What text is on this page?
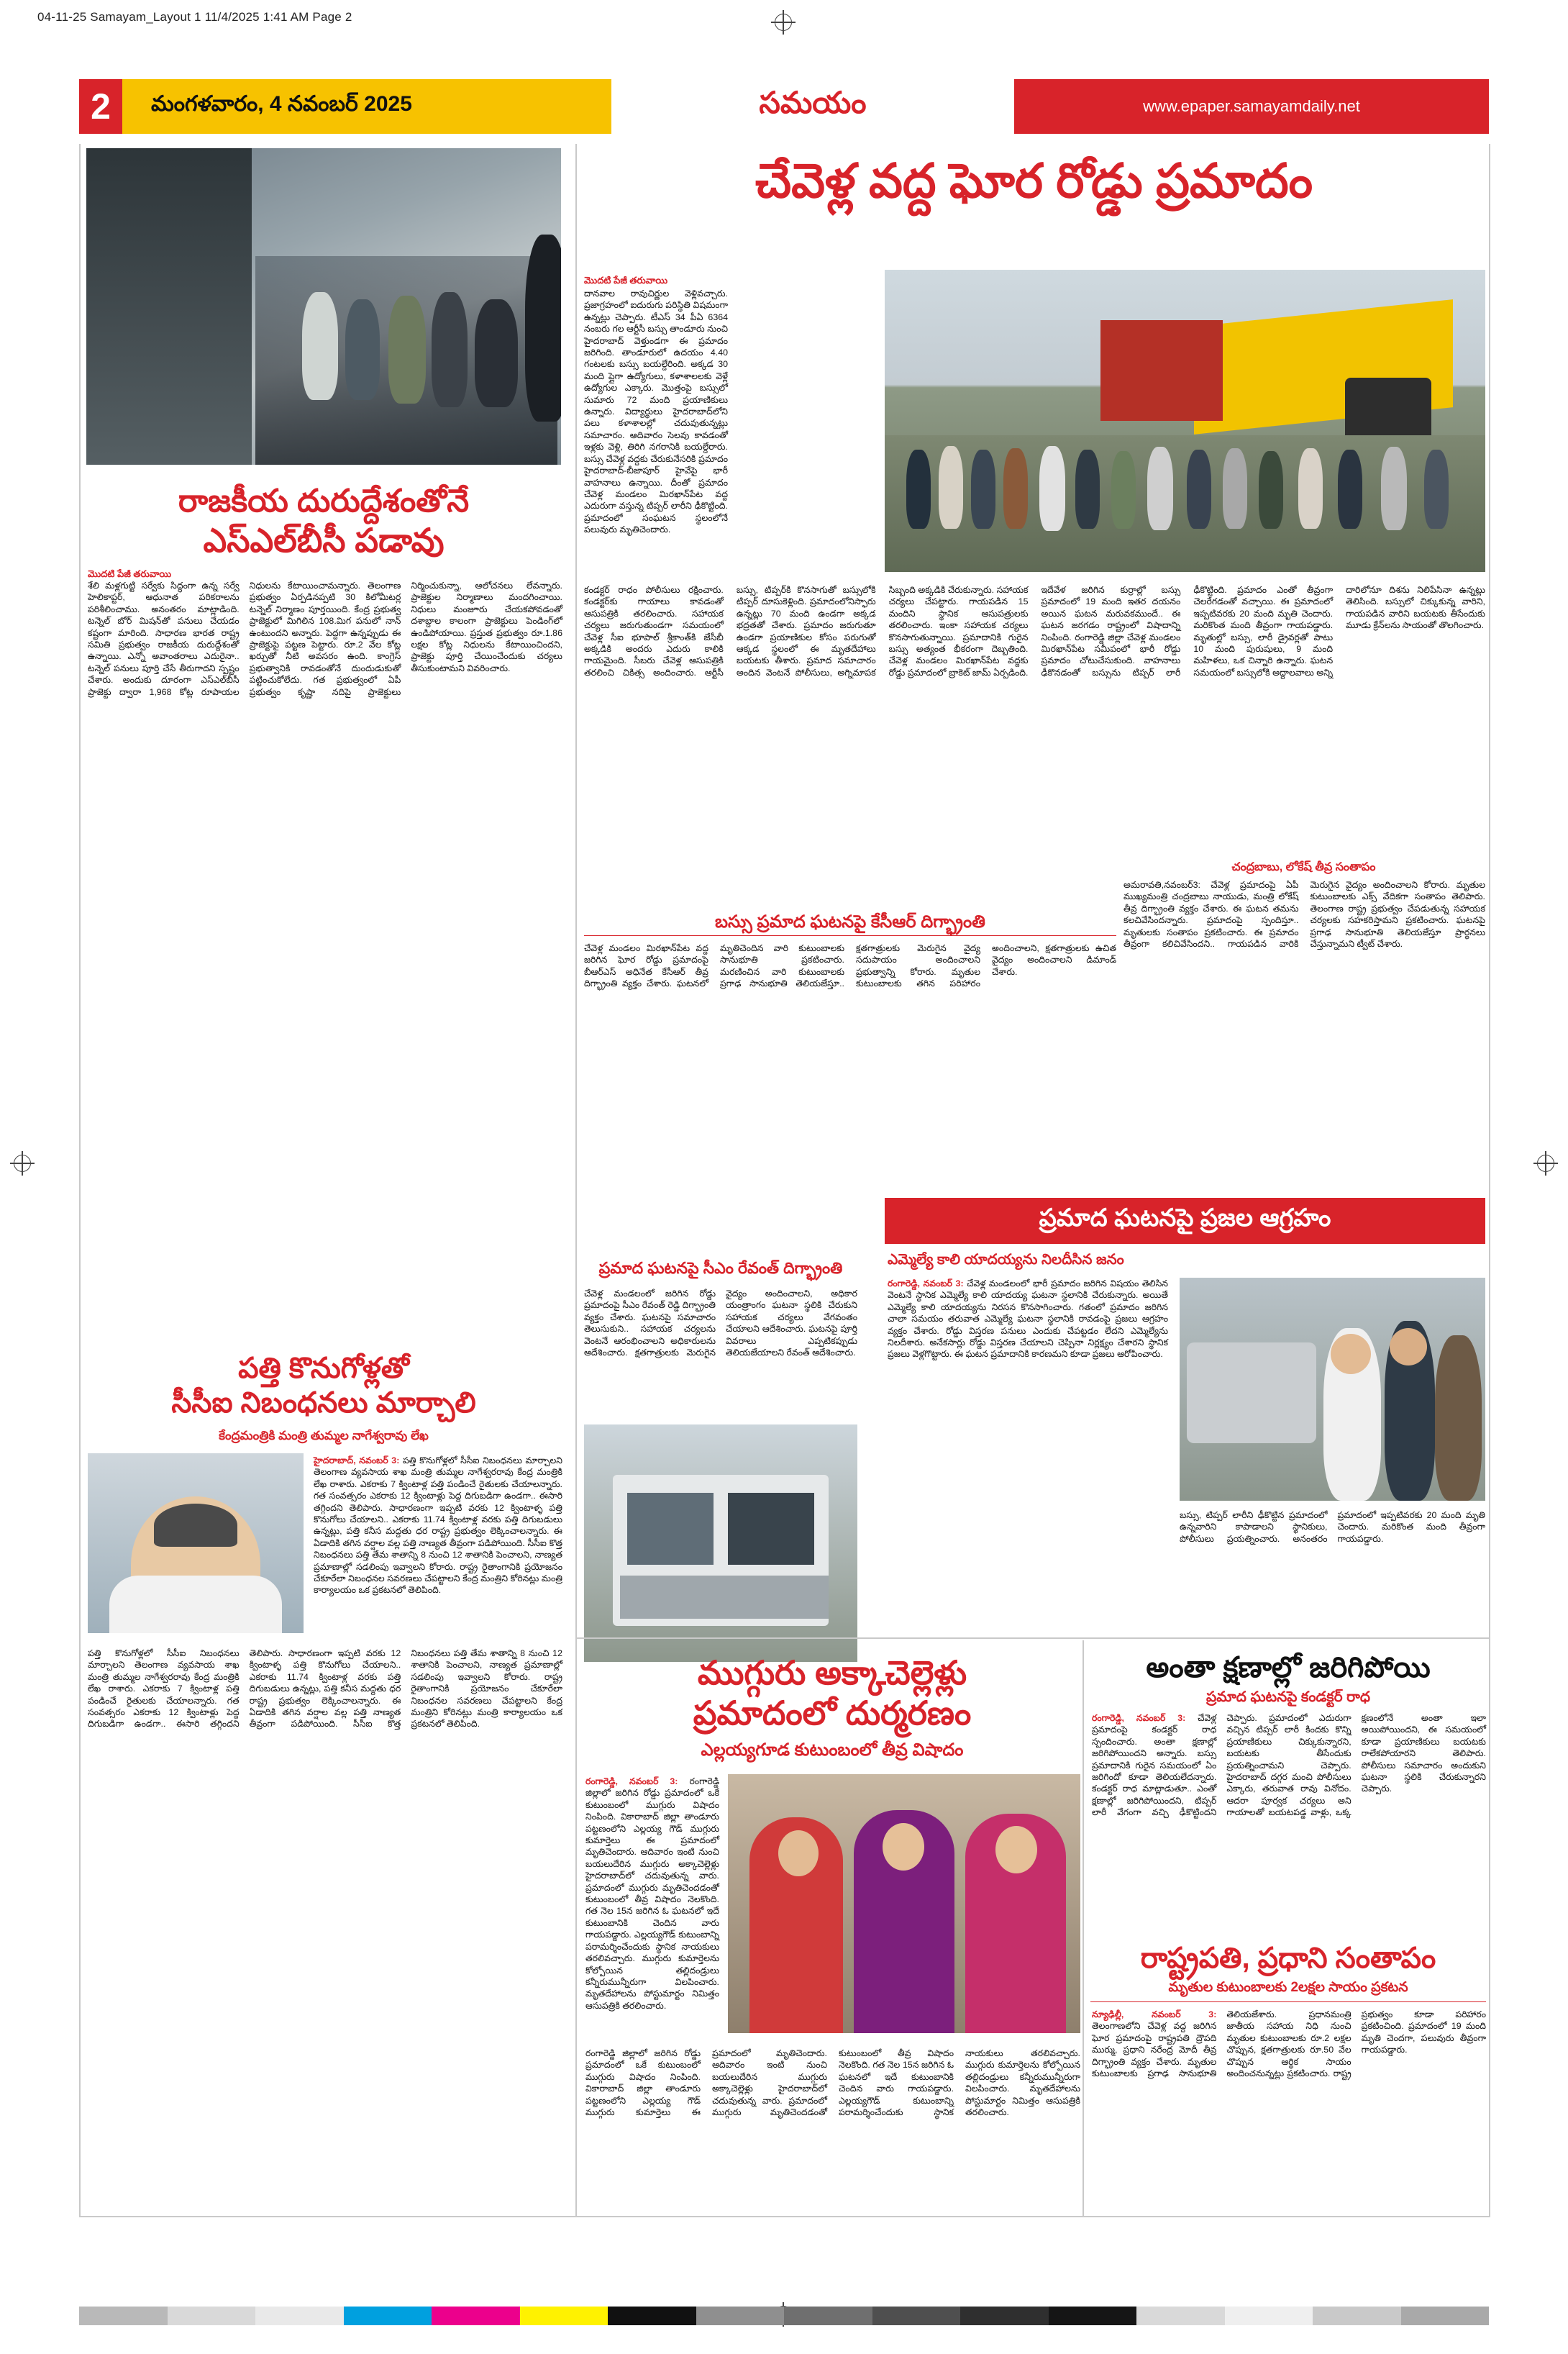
04-11-25 Samayam_Layout 1 11/4/2025 1:41 AM Page 2
2	మంగళవారం, 4 నవంబర్ 2025	సమయం	www.epaper.samayamdaily.net
రాజకీయ దురుద్దేశంతోనే
ఎస్‌ఎల్‌బీసీ పడావు
మొదటి పేజీ తరువాయి
శేలి మళ్లగుట్టి సర్వేకు సిద్ధంగా ఉన్న సర్వే హెలికాప్టర్, ఆధునాత పరికరాలను పరిశీలించాము. అనంతరం మాట్లాడింది. టన్నెల్ బోర్ మిషన్‌తో పనులు చేయడం కష్టంగా మారింది. సాధారణ భారత రాష్ట్ర సమితి ప్రభుత్వం రాజకీయ దురుద్దేశంతో ఉన్నాయి. ఎన్నో అవాంతరాలు ఎదురైనా.. టన్నెల్ పనులు పూర్తి చేసే తీరుగాదని స్పష్టం చేశారు. అందుకు దూరంగా ఎస్‌ఎల్‌బీసీ ప్రాజెక్టు ద్వారా 1,968 కోట్ల రూపాయల నిధులను కేటాయించామన్నారు. తెలంగాణ ప్రభుత్వం ఏర్పడినప్పటి 30 కిలోమీటర్ల టన్నెల్ నిర్మాణం పూర్తయింది. కేంద్ర ప్రభుత్వ ప్రాజెక్టులో మిగిలిన 108.మిగ పనులో నాన్ ఉంటుందని అన్నారు. పెద్దగా ఉన్నప్పుడు ఈ ప్రాజెక్టుపై పట్టణ పెట్టారు. రూ.2 వేల కోట్ల ఖర్చుతో నీటి అవసరం ఉంది. కాంగ్రెస్ ప్రభుత్వానికి రావడంతోనే దుందుడుకుతో పట్టించుకోలేదు. గత ప్రభుత్వంలో ఏపీ ప్రభుత్వం కృష్ణా నదిపై ప్రాజెక్టులు నిర్మించుకున్నా, ఆలోచనలు లేవన్నారు. ప్రాజెక్టుల నిర్మాణాలు మందగించాయి. నిధులు మంజూరు చేయకపోవడంతో దశాబ్దాల కాలంగా ప్రాజెక్టులు పెండింగ్‌లో ఉండిపోయాయి. ప్రస్తుత ప్రభుత్వం రూ.1.86 లక్షల కోట్ల నిధులను కేటాయించిందని, ప్రాజెక్టు పూర్తి చేయించేందుకు చర్యలు తీసుకుంటామని వివరించారు.
పత్తి కొనుగోళ్లతో
సీసీఐ నిబంధనలు మార్చాలి
కేంద్రమంత్రికి మంత్రి తుమ్మల నాగేశ్వరావు లేఖ
హైదరాబాద్, నవంబర్ 3: పత్తి కొనుగోళ్లలో సీసీఐ నిబంధనలు మార్చాలని తెలంగాణ వ్యవసాయ శాఖ మంత్రి తుమ్మల నాగేశ్వరరావు కేంద్ర మంత్రికి లేఖ రాశారు. ఎకరాకు 7 క్వింటాళ్ల పత్తి పండించే రైతులకు చేయాలన్నారు. గత సంవత్సరం ఎకరాకు 12 క్వింటాళ్లు పెద్ద దిగుబడిగా ఉండగా.. ఈసారి తగ్గిందని తెలిపారు. సాధారణంగా ఇప్పటి వరకు 12 క్వింటాళ్ళ పత్తి కొనుగోలు చేయాలని.. ఎకరాకు 11.74 క్వింటాళ్ల వరకు పత్తి దిగుబడులు ఉన్నట్లు, పత్తి కనీస మద్దతు ధర రాష్ట్ర ప్రభుత్వం లెక్కించాలన్నారు. ఈ ఏడాదికి తగిన వర్షాల వల్ల పత్తి నాణ్యత తీవ్రంగా పడిపోయింది. సీసీఐ కొత్త నిబంధనలు పత్తి తేమ శాతాన్ని 8 నుంచి 12 శాతానికి పెంచాలని, నాణ్యత ప్రమాణాల్లో సడలింపు ఇవ్వాలని కోరారు. రాష్ట్ర రైతాంగానికి ప్రయోజనం చేకూరేలా నిబంధనల సవరణలు చేపట్టాలని కేంద్ర మంత్రిని కోరినట్లు మంత్రి కార్యాలయం ఒక ప్రకటనలో తెలిపింది.
పత్తి కొనుగోళ్లలో సీసీఐ నిబంధనలు మార్చాలని తెలంగాణ వ్యవసాయ శాఖ మంత్రి తుమ్మల నాగేశ్వరరావు కేంద్ర మంత్రికి లేఖ రాశారు. ఎకరాకు 7 క్వింటాళ్ల పత్తి పండించే రైతులకు చేయాలన్నారు. గత సంవత్సరం ఎకరాకు 12 క్వింటాళ్లు పెద్ద దిగుబడిగా ఉండగా.. ఈసారి తగ్గిందని తెలిపారు. సాధారణంగా ఇప్పటి వరకు 12 క్వింటాళ్ళ పత్తి కొనుగోలు చేయాలని.. ఎకరాకు 11.74 క్వింటాళ్ల వరకు పత్తి దిగుబడులు ఉన్నట్లు, పత్తి కనీస మద్దతు ధర రాష్ట్ర ప్రభుత్వం లెక్కించాలన్నారు. ఈ ఏడాదికి తగిన వర్షాల వల్ల పత్తి నాణ్యత తీవ్రంగా పడిపోయింది. సీసీఐ కొత్త నిబంధనలు పత్తి తేమ శాతాన్ని 8 నుంచి 12 శాతానికి పెంచాలని, నాణ్యత ప్రమాణాల్లో సడలింపు ఇవ్వాలని కోరారు. రాష్ట్ర రైతాంగానికి ప్రయోజనం చేకూరేలా నిబంధనల సవరణలు చేపట్టాలని కేంద్ర మంత్రిని కోరినట్లు మంత్రి కార్యాలయం ఒక ప్రకటనలో తెలిపింది.
చేవెళ్ల వద్ద ఘోర రోడ్డు ప్రమాదం
మొదటి పేజీ తరువాయి
దానవాల రావుచిర్ణుల వెళ్లివచ్చారు. ప్రజాగ్రహంలో ఐదురుగు పరిస్థితి విషమంగా ఉన్నట్లు చెప్పారు. టీఎస్ 34 పీఏ 6364 నంబరు గల ఆర్టీసీ బస్సు తాండూరు నుంచి హైదరాబాద్ వెళ్తుండగా ఈ ప్రమాదం జరిగింది. తాండూరులో ఉదయం 4.40 గంటలకు బస్సు బయల్దేరింది. అక్కడ 30 మంది ప్లైగా ఉద్యోగులు, కళాశాలలకు వెళ్లే ఉద్యోగుల ఎక్కారు. మొత్తంపై బస్సులో సుమారు 72 మంది ప్రయాణికులు ఉన్నారు. విద్యార్థులు హైదరాబాద్‌లోని పలు కళాశాలల్లో చదువుతున్నట్లు సమాచారం. ఆదివారం సెలవు కావడంతో ఇళ్లకు వెళ్లి, తిరిగి నగరానికి బయల్దేరారు. బస్సు చేవెళ్ల వద్దకు చేరుకునేసరికి ప్రమాదం హైదరాబాద్-బీజాపూర్ హైవేపై భారీ వాహనాలు ఉన్నాయి. దీంతో ప్రమాదం చేవెళ్ల మండలం మిరఖాన్‌పేట వద్ద ఎదురుగా వస్తున్న టిప్పర్ లారీని ఢీకొట్టింది. ప్రమాదంలో సంఘటన స్థలంలోనే పలువురు మృతిచెందారు.
కండక్టర్ రాధం పోలీసులు రక్షించారు. కండక్టర్‌కు గాయాలు కావడంతో ఆసుపత్రికి తరలించారు. సహాయక చర్యలు జరుగుతుండగా సమయంలో చేవెళ్ల సీఐ భూపాల్ శ్రీకాంత్‌కి జేసీబీ అక్కడికి అందరు ఎదురు కాలికి గాయమైంది. సీబరు చేవెళ్ల ఆసుపత్రికి తరలించి చికిత్స అందించారు. ఆర్టీసీ బస్సు, టిప్పర్‌కి కొనసాగుతో బస్సులోకి టిప్పర్ దూసుకెళ్లింది. ప్రమాదంలోనిస్ఫారు ఉన్నట్లు 70 మంది ఉండగా అక్కడ భద్రతతో చేశారు. ప్రమాదం జరుగుతూ ఉండగా ప్రయాణికుల కోసం పరుగుతో ఆక్కడ స్థలంలో ఈ మృతదేహాలు బయటకు తీశారు. ప్రమాద సమాచారం అందిన వెంటనే పోలీసులు, అగ్నిమాపక సిబ్బంది అక్కడికి చేరుకున్నారు. సహాయక చర్యలు చేపట్టారు. గాయపడిన 15 మందిని స్థానిక ఆసుపత్రులకు తరలించారు. ఇంకా సహాయక చర్యలు కొనసాగుతున్నాయి. ప్రమాదానికి గురైన బస్సు అత్యంత భీకరంగా దెబ్బతింది. చేవెళ్ల మండలం మిరఖాన్‌పేట వద్దకు రోడ్డు ప్రమాదంలో బ్రాకెట్ జామ్ ఏర్పడింది. ఇదేవేళ జరిగిన కుర్రాల్లో బస్సు ప్రమాదంలో 19 మంది ఇతర దయనం అయిన ఘటన మరువకముందే.. ఈ ఘటన జరగడం రాష్ట్రంలో విషాదాన్ని నింపింది. రంగారెడ్డి జిల్లా చేవెళ్ల మండలం మిరఖాన్‌పేట సమీపంలో భారీ రోడ్డు ప్రమాదం చోటుచేసుకుంది. వాహనాలు ఢీకొనడంతో బస్సును టిప్పర్ లారీ ఢీకొట్టింది. ప్రమాదం ఎంతో తీవ్రంగా చెలరేగడంతో వచ్చాయి. ఈ ప్రమాదంలో ఇప్పటివరకు 20 మంది మృతి చెందారు. మరికొంత మంది తీవ్రంగా గాయపడ్డారు. మృతుల్లో బస్సు, లారీ డ్రైవర్లతో పాటు 10 మంది పురుషులు, 9 మంది మహిళలు, ఒక చిన్నారి ఉన్నారు. ఘటన సమయంలో బస్సులోకి అద్దాలవాలు అన్ని దారిలోనూ దిశను నిలిపేసినా ఉన్నట్లు తెలిసింది. బస్సులో చిక్కుకున్న వారిని, గాయపడిన వారిని బయటకు తీసేందుకు మూడు క్రేన్‌లను సాయంతో తొలగించారు.
చంద్రబాబు, లోకేష్ తీవ్ర సంతాపం
అమరావతి,నవంబర్3: చేవెళ్ల ప్రమాదంపై ఏపీ ముఖ్యమంత్రి చంద్రబాబు నాయుడు, మంత్రి లోకేష్ తీవ్ర దిగ్భ్రాంతి వ్యక్తం చేశారు. ఈ ఘటన తమను కలచివేసిందన్నారు. ప్రమాదంపై స్పందిస్తూ.. మృతులకు సంతాపం ప్రకటించారు. ఈ ప్రమాదం తీవ్రంగా కలిచివేసిందని.. గాయపడిన వారికి మెరుగైన వైద్యం అందించాలని కోరారు. మృతుల కుటుంబాలకు ఎక్స్ వేదికగా సంతాపం తెలిపారు. తెలంగాణ రాష్ట్ర ప్రభుత్వం చేపడుతున్న సహాయక చర్యలకు సహకరిస్తామని ప్రకటించారు. ఘటనపై ప్రగాఢ సానుభూతి తెలియజేస్తూ ప్రార్థనలు చేస్తున్నామని ట్వీట్ చేశారు.
బస్సు ప్రమాద ఘటనపై కేసీఆర్ దిగ్భ్రాంతి
చేవెళ్ల మండలం మిరఖాన్‌పేట వద్ద జరిగిన ఘోర రోడ్డు ప్రమాదంపై బీఆర్‌ఎస్ అధినేత కేసీఆర్ తీవ్ర దిగ్భ్రాంతి వ్యక్తం చేశారు. ఘటనలో మృతిచెందిన వారి కుటుంబాలకు సానుభూతి ప్రకటించారు. మరణించిన వారి కుటుంబాలకు ప్రగాఢ సానుభూతి తెలియజేస్తూ.. క్షతగాత్రులకు మెరుగైన వైద్య సదుపాయం అందించాలని ప్రభుత్వాన్ని కోరారు. మృతుల కుటుంబాలకు తగిన పరిహారం అందించాలని, క్షతగాత్రులకు ఉచిత వైద్యం అందించాలని డిమాండ్ చేశారు.
ప్రమాద ఘటనపై సీఎం రేవంత్ దిగ్భ్రాంతి
చేవెళ్ల మండలంలో జరిగిన రోడ్డు ప్రమాదంపై సీఎం రేవంత్ రెడ్డి దిగ్భ్రాంతి వ్యక్తం చేశారు. ఘటనపై సమాచారం తెలుసుకుని.. సహాయక చర్యలను వెంటనే ఆరంభించాలని అధికారులను ఆదేశించారు. క్షతగాత్రులకు మెరుగైన వైద్యం అందించాలని, అధికార యంత్రాంగం ఘటనా స్థలికి చేరుకుని సహాయక చర్యలు వేగవంతం చేయాలని ఆదేశించారు. ఘటనపై పూర్తి వివరాలు ఎప్పటికప్పుడు తెలియజేయాలని రేవంత్ ఆదేశించారు.
ప్రమాద ఘటనపై ప్రజల ఆగ్రహం
ఎమ్మెల్యే కాలి యాదయ్యను నిలదీసిన జనం
రంగారెడ్డి, నవంబర్ 3: చేవెళ్ల మండలంలో భారీ ప్రమాదం జరిగిన విషయం తెలిసిన వెంటనే స్థానిక ఎమ్మెల్యే కాలి యాదయ్య ఘటనా స్థలానికి చేరుకున్నారు. అయితే ఎమ్మెల్యే కాలి యాదయ్యను నిరసన కొనసాగించారు. గతంలో ప్రమాదం జరిగిన చాలా సమయం తరువాత ఎమ్మెల్యే ఘటనా స్థలానికి రావడంపై ప్రజలు ఆగ్రహం వ్యక్తం చేశారు. రోడ్డు విస్తరణ పనులు ఎందుకు చేపట్టడం లేదని ఎమ్మెల్యేను నిలదీశారు. అనేకసార్లు రోడ్డు విస్తరణ చేయాలని చెప్పినా నిర్లక్ష్యం చేశారని స్థానిక ప్రజలు వెళ్లగొట్టారు. ఈ ఘటన ప్రమాదానికి కారణమని కూడా ప్రజలు ఆరోపించారు.
బస్సు, టిప్పర్ లారీని ఢీకొట్టిన ప్రమాదంలో ఉన్నవారిని కాపాడాలని స్థానికులు, పోలీసులు ప్రయత్నించారు. అనంతరం ప్రమాదంలో ఇప్పటివరకు 20 మంది మృతి చెందారు. మరికొంత మంది తీవ్రంగా గాయపడ్డారు.
ముగ్గురు అక్కాచెల్లెళ్లు
ప్రమాదంలో దుర్మరణం
ఎల్లయ్యగూడ కుటుంబంలో తీవ్ర విషాదం
రంగారెడ్డి, నవంబర్ 3: రంగారెడ్డి జిల్లాలో జరిగిన రోడ్డు ప్రమాదంలో ఒకే కుటుంబంలో ముగ్గురు విషాదం నింపింది. వికారాబాద్ జిల్లా తాండూరు పట్టణంలోని ఎల్లయ్య గౌడ్ ముగ్గురు కుమార్తెలు ఈ ప్రమాదంలో మృతిచెందారు. ఆదివారం ఇంటి నుంచి బయలుదేరిన ముగ్గురు అక్కాచెల్లెళ్లు హైదరాబాద్‌లో చదువుతున్న వారు. ప్రమాదంలో ముగ్గురు మృతిచెందడంతో కుటుంబంలో తీవ్ర విషాదం నెలకొంది. గత నెల 15న జరిగిన ఓ ఘటనలో ఇదే కుటుంబానికి చెందిన వారు గాయపడ్డారు. ఎల్లయ్యగౌడ్ కుటుంబాన్ని పరామర్శించేందుకు స్థానిక నాయకులు తరలివచ్చారు. ముగ్గురు కుమార్తెలను కోల్పోయిన తల్లిదండ్రులు కన్నీరుమున్నీరుగా విలపించారు. మృతదేహాలను పోస్టుమార్టం నిమిత్తం ఆసుపత్రికి తరలించారు.
రంగారెడ్డి జిల్లాలో జరిగిన రోడ్డు ప్రమాదంలో ఒకే కుటుంబంలో ముగ్గురు విషాదం నింపింది. వికారాబాద్ జిల్లా తాండూరు పట్టణంలోని ఎల్లయ్య గౌడ్ ముగ్గురు కుమార్తెలు ఈ ప్రమాదంలో మృతిచెందారు. ఆదివారం ఇంటి నుంచి బయలుదేరిన ముగ్గురు అక్కాచెల్లెళ్లు హైదరాబాద్‌లో చదువుతున్న వారు. ప్రమాదంలో ముగ్గురు మృతిచెందడంతో కుటుంబంలో తీవ్ర విషాదం నెలకొంది. గత నెల 15న జరిగిన ఓ ఘటనలో ఇదే కుటుంబానికి చెందిన వారు గాయపడ్డారు. ఎల్లయ్యగౌడ్ కుటుంబాన్ని పరామర్శించేందుకు స్థానిక నాయకులు తరలివచ్చారు. ముగ్గురు కుమార్తెలను కోల్పోయిన తల్లిదండ్రులు కన్నీరుమున్నీరుగా విలపించారు. మృతదేహాలను పోస్టుమార్టం నిమిత్తం ఆసుపత్రికి తరలించారు.
అంతా క్షణాల్లో జరిగిపోయి
ప్రమాద ఘటనపై కండక్టర్ రాధ
రంగారెడ్డి, నవంబర్ 3: చేవెళ్ల ప్రమాదంపై కండక్టర్ రాధ స్పందించారు. అంతా క్షణాల్లో జరిగిపోయిందని అన్నారు. బస్సు ప్రమాదానికి గురైన సమయంలో ఏం జరిగిందో కూడా తెలియలేదన్నారు. కండక్టర్ రాధ మాట్లాడుతూ.. ఎంతో క్షణాల్లో జరిగిపోయిందని, టిప్పర్ లారీ వేగంగా వచ్చి ఢీకొట్టిందని చెప్పారు. ప్రమాదంలో ఎదురుగా వచ్చిన టిప్పర్ లారీ కిందకు కొన్ని ప్రయాణికులు చిక్కుకున్నారని, బయటకు తీసేందుకు ప్రయత్నించామని చెప్పారు. హైదరాబాద్ దగ్గర మంచి పోలీసులు ఎక్కారు, తరువాత రావు వినోదం. ఆదరా పూర్వక చర్యలు అని గాయాలతో బయటపడ్డ వాళ్లు, ఒక్క క్షణంలోనే అంతా ఇలా అయిపోయిందని, ఈ సమయంలో కూడా ప్రయాణికులు బయటకు రాలేకపోయారని తెలిపారు. పోలీసులు సమాచారం అందుకుని ఘటనా స్థలికి చేరుకున్నారని చెప్పారు.
రాష్ట్రపతి, ప్రధాని సంతాపం
మృతుల కుటుంబాలకు 2లక్షల సాయం ప్రకటన
న్యూఢిల్లీ, నవంబర్ 3: తెలంగాణలోని చేవెళ్ల వద్ద జరిగిన ఘోర ప్రమాదంపై రాష్ట్రపతి ద్రౌపది ముర్ము, ప్రధాని నరేంద్ర మోదీ తీవ్ర దిగ్భ్రాంతి వ్యక్తం చేశారు. మృతుల కుటుంబాలకు ప్రగాఢ సానుభూతి తెలియజేశారు. ప్రధానమంత్రి జాతీయ సహాయ నిధి నుంచి మృతుల కుటుంబాలకు రూ.2 లక్షల చొప్పున, క్షతగాత్రులకు రూ.50 వేల చొప్పున ఆర్థిక సాయం అందించనున్నట్లు ప్రకటించారు. రాష్ట్ర ప్రభుత్వం కూడా పరిహారం ప్రకటించింది. ప్రమాదంలో 19 మంది మృతి చెందగా, పలువురు తీవ్రంగా గాయపడ్డారు.
